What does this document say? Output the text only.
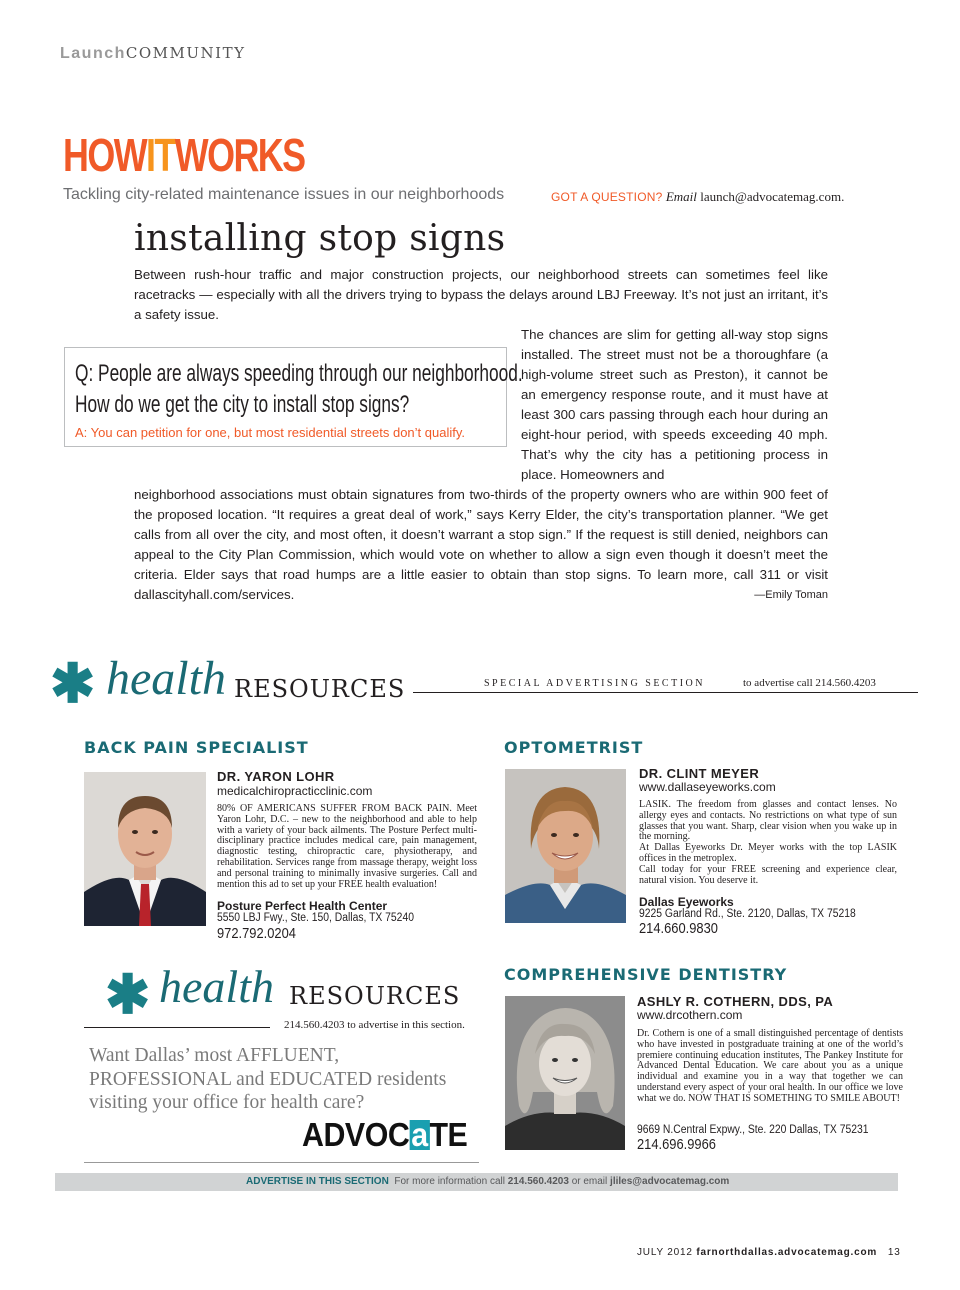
LaunchCOMMUNITY
HOWITWORKS
Tackling city-related maintenance issues in our neighborhoods	GOT A QUESTION? Email launch@advocatemag.com.
installing stop signs
Between rush-hour traffic and major construction projects, our neighborhood streets can sometimes feel like racetracks — especially with all the drivers trying to bypass the delays around LBJ Freeway. It’s not just an irritant, it’s a safety issue.
The chances are slim for getting all-way stop signs installed. The street must not be a thoroughfare (a high-volume street such as Preston), it cannot be an emergency response route, and it must have at least 300 cars passing through each hour during an eight-hour period, with speeds exceeding 40 mph. That’s why the city has a petitioning process in place. Homeowners and
neighborhood associations must obtain signatures from two-thirds of the property owners who are within 900 feet of the proposed location. “It requires a great deal of work,” says Kerry Elder, the city’s transportation planner. “We get calls from all over the city, and most often, it doesn’t warrant a stop sign.” If the request is still denied, neighbors can appeal to the City Plan Commission, which would vote on whether to allow a sign even though it doesn’t meet the criteria. Elder says that road humps are a little easier to obtain than stop signs. To learn more, call 311 or visit dallascityhall.com/services.	—Emily Toman
Q: People are always speeding through our neighborhood.
How do we get the city to install stop signs?
A: You can petition for one, but most residential streets don’t qualify.
✱ health RESOURCES	SPECIAL ADVERTISING SECTION	to advertise call 214.560.4203
BACK PAIN SPECIALIST
DR. YARON LOHR
medicalchiropracticclinic.com
80% OF AMERICANS SUFFER FROM BACK PAIN. Meet Yaron Lohr, D.C. – new to the neighborhood and able to help with a variety of your back ailments. The Posture Perfect multi-disciplinary practice includes medical care, pain management, diagnostic testing, chiropractic care, physiotherapy, and rehabilitation. Services range from massage therapy, weight loss and personal training to minimally invasive surgeries. Call and mention this ad to set up your FREE health evaluation!
Posture Perfect Health Center
5550 LBJ Fwy., Ste. 150, Dallas, TX 75240
972.792.0204
OPTOMETRIST
DR. CLINT MEYER
www.dallaseyeworks.com
LASIK. The freedom from glasses and contact lenses. No allergy eyes and contacts. No restrictions on what type of sun glasses that you want. Sharp, clear vision when you wake up in the morning.
At Dallas Eyeworks Dr. Meyer works with the top LASIK offices in the metroplex.
Call today for your FREE screening and experience clear, natural vision. You deserve it.
Dallas Eyeworks
9225 Garland Rd., Ste. 2120, Dallas, TX 75218
214.660.9830
COMPREHENSIVE DENTISTRY
ASHLY R. COTHERN, DDS, PA
www.drcothern.com
Dr. Cothern is one of a small distinguished percentage of dentists who have invested in postgraduate training at one of the world’s premiere continuing education institutes, The Pankey Institute for Advanced Dental Education. We care about you as a unique individual and examine you in a way that together we can understand every aspect of your oral health. In our office we love what we do. NOW THAT IS SOMETHING TO SMILE ABOUT!
9669 N.Central Expwy., Ste. 220 Dallas, TX 75231
214.696.9966
✱ health RESOURCES
214.560.4203 to advertise in this section.
Want Dallas’ most AFFLUENT,
PROFESSIONAL and EDUCATED residents
visiting your office for health care?
ADVOCaTE
ADVERTISE IN THIS SECTION For more information call 214.560.4203 or email jliles@advocatemag.com
JULY 2012 farnorthdallas.advocatemag.com 13
